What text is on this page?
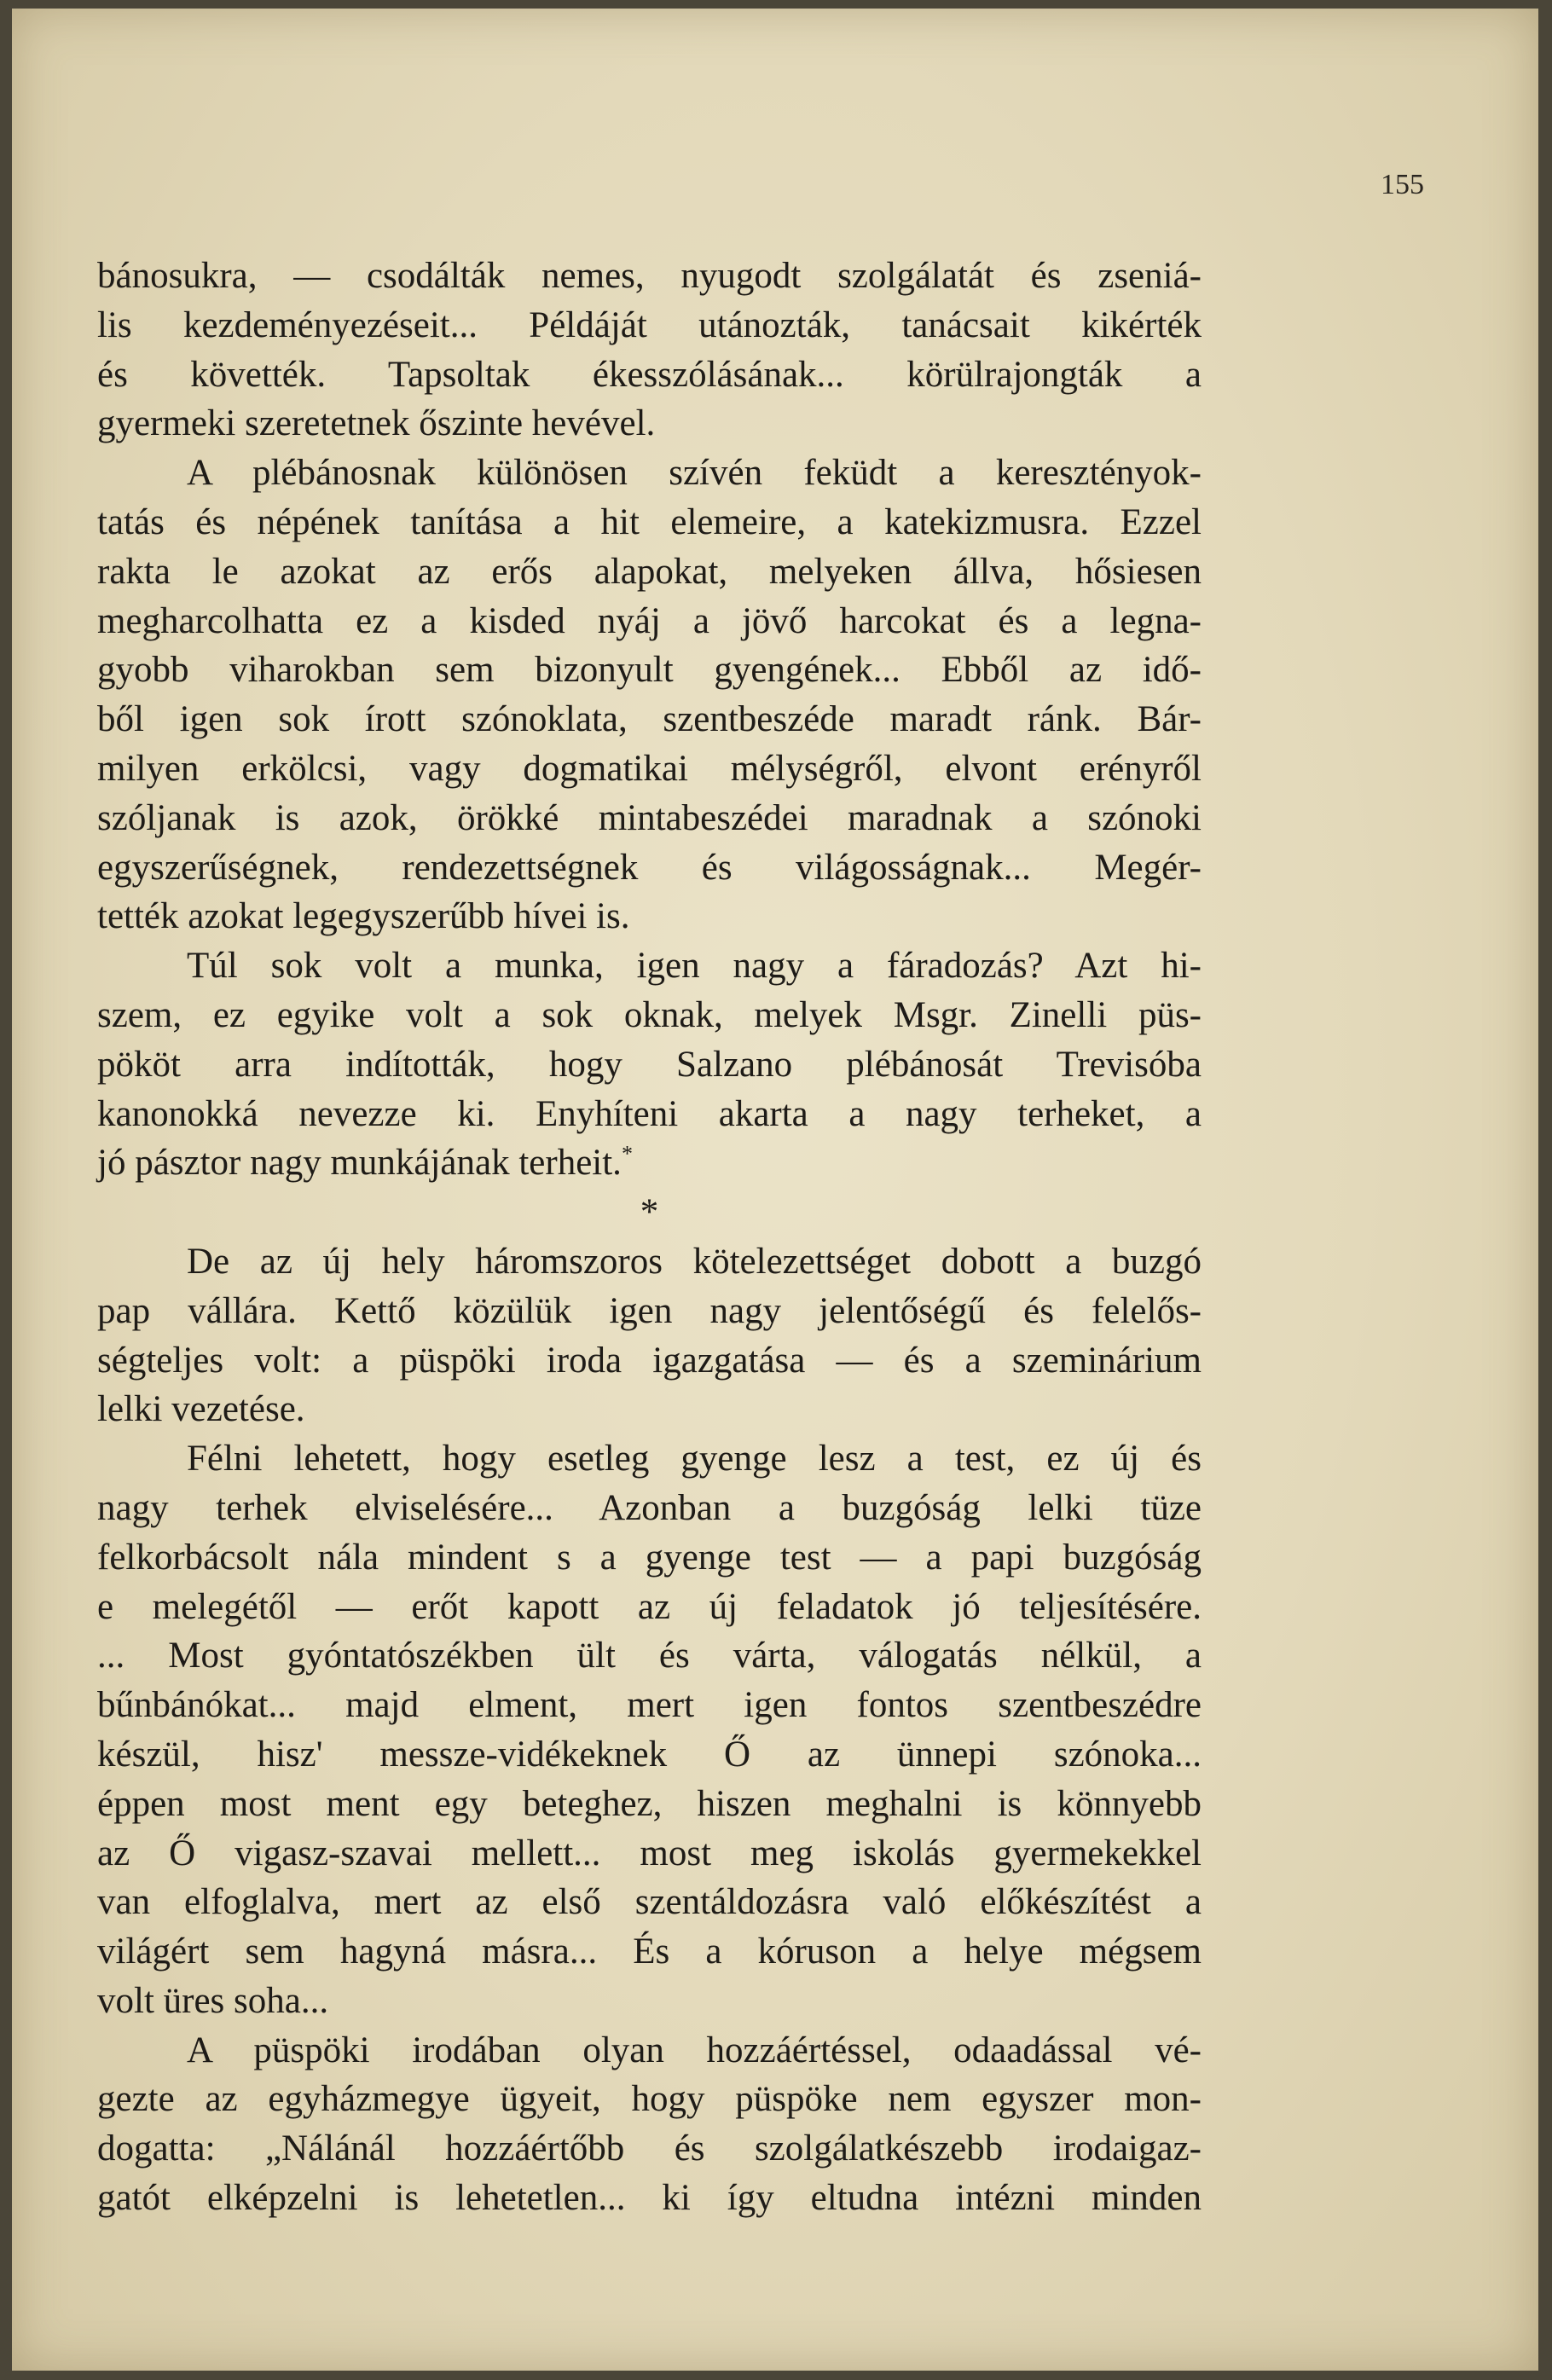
155
bánosukra, — csodálták nemes, nyugodt szolgálatát és zseniá-
lis kezdeményezéseit... Példáját utánozták, tanácsait kikérték
és követték. Tapsoltak ékesszólásának... körülrajongták a
gyermeki szeretetnek őszinte hevével.
A plébánosnak különösen szívén feküdt a keresztényok-
tatás és népének tanítása a hit elemeire, a katekizmusra. Ezzel
rakta le azokat az erős alapokat, melyeken állva, hősiesen
megharcolhatta ez a kisded nyáj a jövő harcokat és a legna-
gyobb viharokban sem bizonyult gyengének... Ebből az idő-
ből igen sok írott szónoklata, szentbeszéde maradt ránk. Bár-
milyen erkölcsi, vagy dogmatikai mélységről, elvont erényről
szóljanak is azok, örökké mintabeszédei maradnak a szónoki
egyszerűségnek, rendezettségnek és világosságnak... Megér-
tették azokat legegyszerűbb hívei is.
Túl sok volt a munka, igen nagy a fáradozás? Azt hi-
szem, ez egyike volt a sok oknak, melyek Msgr. Zinelli püs-
pököt arra indították, hogy Salzano plébánosát Trevisóba
kanonokká nevezze ki. Enyhíteni akarta a nagy terheket, a
jó pásztor nagy munkájának terheit.*
*
De az új hely háromszoros kötelezettséget dobott a buzgó
pap vállára. Kettő közülük igen nagy jelentőségű és felelős-
ségteljes volt: a püspöki iroda igazgatása — és a szeminárium
lelki vezetése.
Félni lehetett, hogy esetleg gyenge lesz a test, ez új és
nagy terhek elviselésére... Azonban a buzgóság lelki tüze
felkorbácsolt nála mindent s a gyenge test — a papi buzgóság
e melegétől — erőt kapott az új feladatok jó teljesítésére.
... Most gyóntatószékben ült és várta, válogatás nélkül, a
bűnbánókat... majd elment, mert igen fontos szentbeszédre
készül, hisz' messze-vidékeknek Ő az ünnepi szónoka...
éppen most ment egy beteghez, hiszen meghalni is könnyebb
az Ő vigasz-szavai mellett... most meg iskolás gyermekekkel
van elfoglalva, mert az első szentáldozásra való előkészítést a
világért sem hagyná másra... És a kóruson a helye mégsem
volt üres soha...
A püspöki irodában olyan hozzáértéssel, odaadással vé-
gezte az egyházmegye ügyeit, hogy püspöke nem egyszer mon-
dogatta: „Nálánál hozzáértőbb és szolgálatkészebb irodaigaz-
gatót elképzelni is lehetetlen... ki így eltudna intézni minden
